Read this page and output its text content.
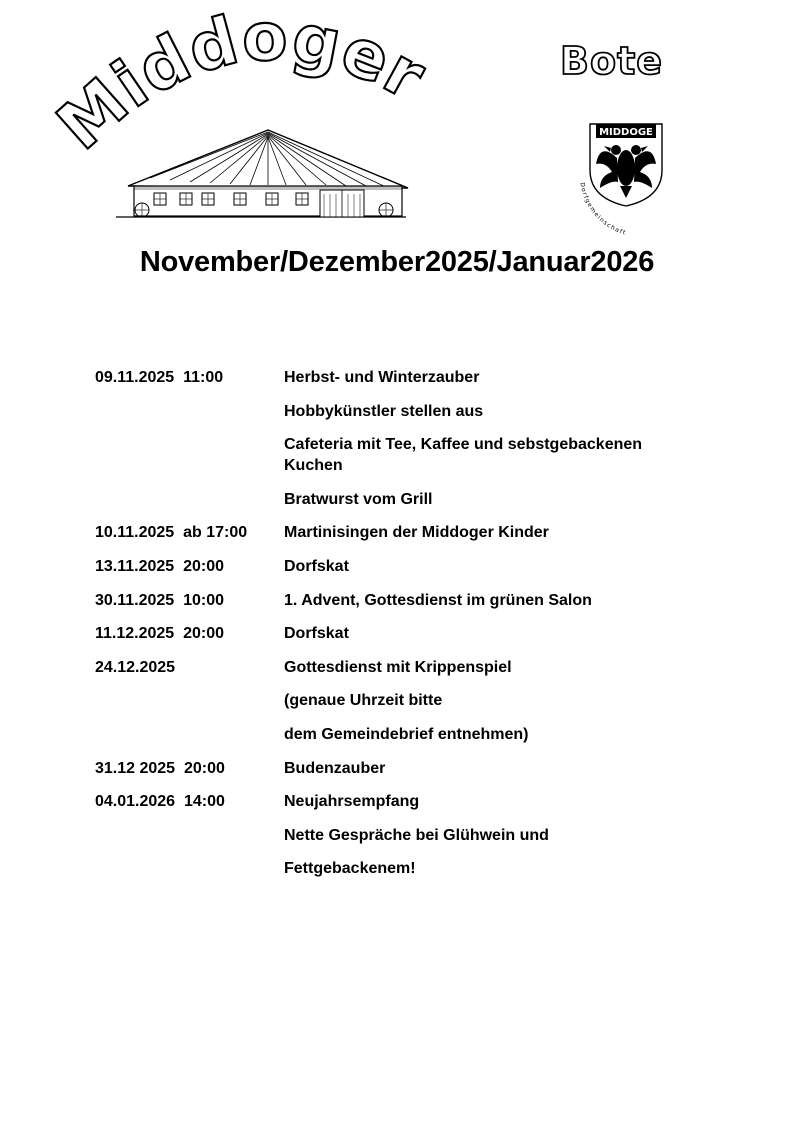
Middoger	Bote
MIDDOGE
Dorfgemeinschaft
November/Dezember2025/Januar2026
09.11.2025  11:00	Herbst- und Winterzauber
Hobbykünstler stellen aus
Cafeteria mit Tee, Kaffee und sebstgebackenen Kuchen
Bratwurst vom Grill
10.11.2025  ab 17:00	Martinisingen der Middoger Kinder
13.11.2025  20:00	Dorfskat
30.11.2025  10:00	1. Advent, Gottesdienst im grünen Salon
11.12.2025  20:00	Dorfskat
24.12.2025	Gottesdienst mit Krippenspiel
(genaue Uhrzeit bitte
dem Gemeindebrief entnehmen)
31.12 2025  20:00	Budenzauber
04.01.2026  14:00	Neujahrsempfang
Nette Gespräche bei Glühwein und
Fettgebackenem!
